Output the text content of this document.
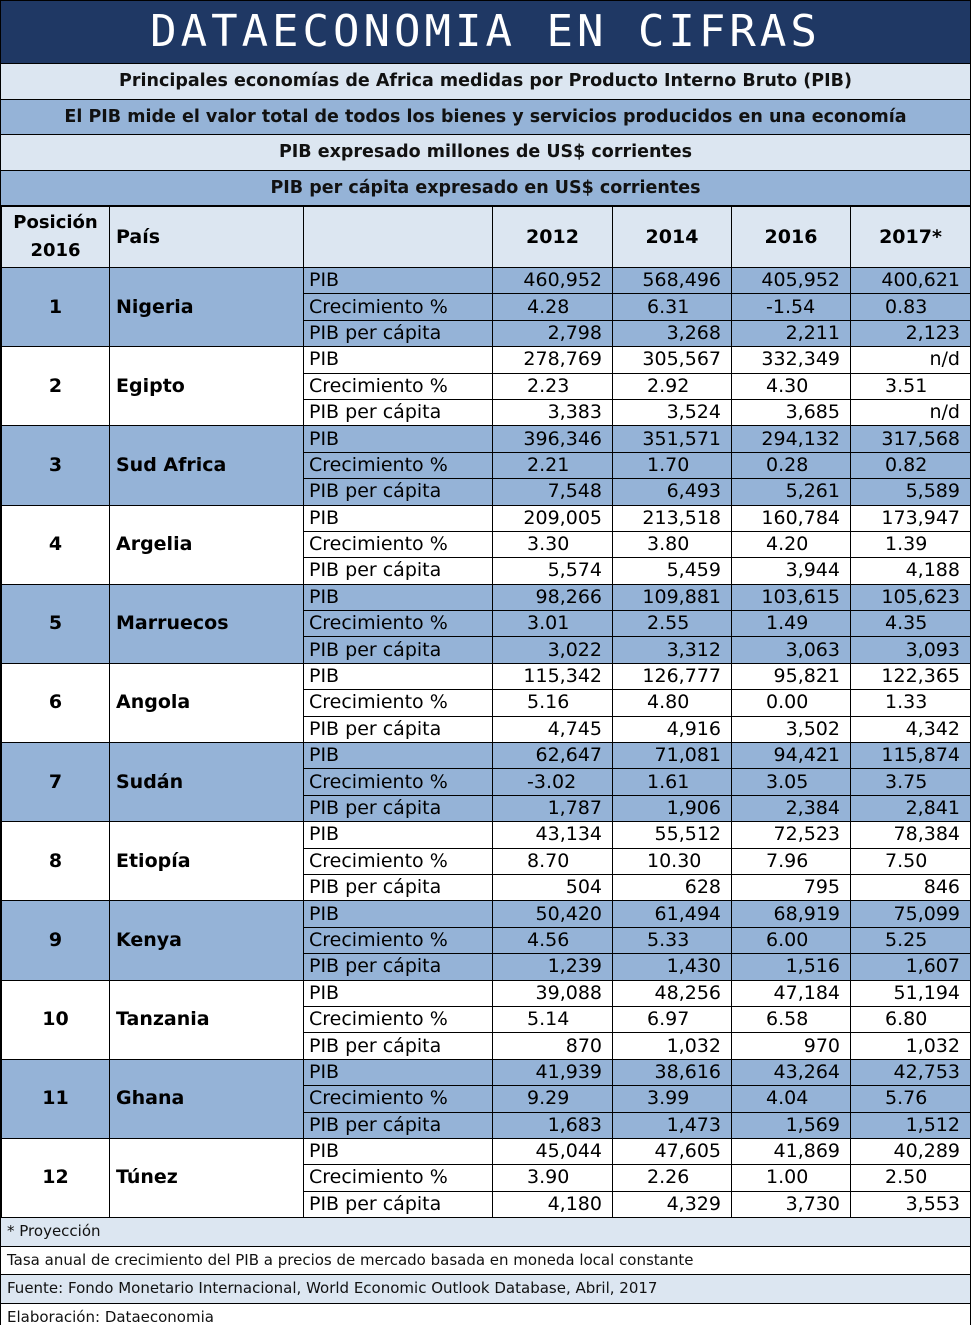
DATAECONOMIA EN CIFRAS
Principales economías de Africa medidas por Producto Interno Bruto (PIB)
El PIB mide el valor total de todos los bienes y servicios producidos en una economía
PIB expresado millones de US$ corrientes
PIB per cápita expresado en US$ corrientes
Posición
2016	País		2012	2014	2016	2017*
1	Nigeria	PIB	460,952	568,496	405,952	400,621
		Crecimiento %	4.28	6.31	-1.54	0.83
		PIB per cápita	2,798	3,268	2,211	2,123
2	Egipto	PIB	278,769	305,567	332,349	n/d
		Crecimiento %	2.23	2.92	4.30	3.51
		PIB per cápita	3,383	3,524	3,685	n/d
3	Sud Africa	PIB	396,346	351,571	294,132	317,568
		Crecimiento %	2.21	1.70	0.28	0.82
		PIB per cápita	7,548	6,493	5,261	5,589
4	Argelia	PIB	209,005	213,518	160,784	173,947
		Crecimiento %	3.30	3.80	4.20	1.39
		PIB per cápita	5,574	5,459	3,944	4,188
5	Marruecos	PIB	98,266	109,881	103,615	105,623
		Crecimiento %	3.01	2.55	1.49	4.35
		PIB per cápita	3,022	3,312	3,063	3,093
6	Angola	PIB	115,342	126,777	95,821	122,365
		Crecimiento %	5.16	4.80	0.00	1.33
		PIB per cápita	4,745	4,916	3,502	4,342
7	Sudán	PIB	62,647	71,081	94,421	115,874
		Crecimiento %	-3.02	1.61	3.05	3.75
		PIB per cápita	1,787	1,906	2,384	2,841
8	Etiopía	PIB	43,134	55,512	72,523	78,384
		Crecimiento %	8.70	10.30	7.96	7.50
		PIB per cápita	504	628	795	846
9	Kenya	PIB	50,420	61,494	68,919	75,099
		Crecimiento %	4.56	5.33	6.00	5.25
		PIB per cápita	1,239	1,430	1,516	1,607
10	Tanzania	PIB	39,088	48,256	47,184	51,194
		Crecimiento %	5.14	6.97	6.58	6.80
		PIB per cápita	870	1,032	970	1,032
11	Ghana	PIB	41,939	38,616	43,264	42,753
		Crecimiento %	9.29	3.99	4.04	5.76
		PIB per cápita	1,683	1,473	1,569	1,512
12	Túnez	PIB	45,044	47,605	41,869	40,289
		Crecimiento %	3.90	2.26	1.00	2.50
		PIB per cápita	4,180	4,329	3,730	3,553
* Proyección
Tasa anual de crecimiento del PIB a precios de mercado basada en moneda local constante
Fuente: Fondo Monetario Internacional, World Economic Outlook Database, Abril, 2017
Elaboración: Dataeconomia
